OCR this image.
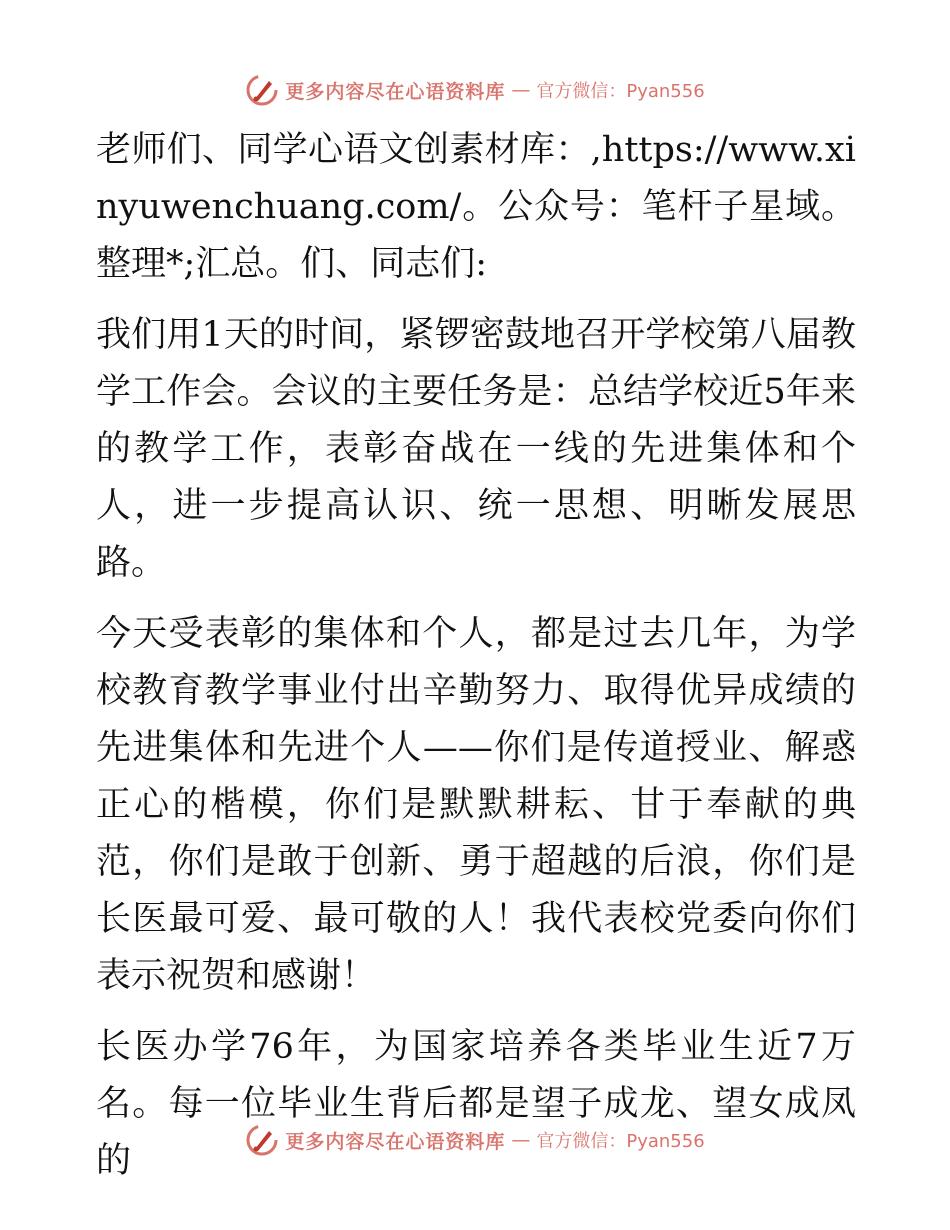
更多内容尽在心语资料库 — 官方微信：Pyan556

老师们、同学心语文创素材库：,https://www.xinyuwenchuang.com/。公众号：笔杆子星域。整理*;汇总。们、同志们:

我们用1天的时间，紧锣密鼓地召开学校第八届教学工作会。会议的主要任务是：总结学校近5年来的教学工作，表彰奋战在一线的先进集体和个人，进一步提高认识、统一思想、明晰发展思路。

今天受表彰的集体和个人，都是过去几年，为学校教育教学事业付出辛勤努力、取得优异成绩的先进集体和先进个人——你们是传道授业、解惑正心的楷模，你们是默默耕耘、甘于奉献的典范，你们是敢于创新、勇于超越的后浪，你们是长医最可爱、最可敬的人！我代表校党委向你们表示祝贺和感谢！

长医办学76年，为国家培养各类毕业生近7万名。每一位毕业生背后都是望子成龙、望女成凤的	更多内容尽在心语资料库 — 官方微信：Pyan556
